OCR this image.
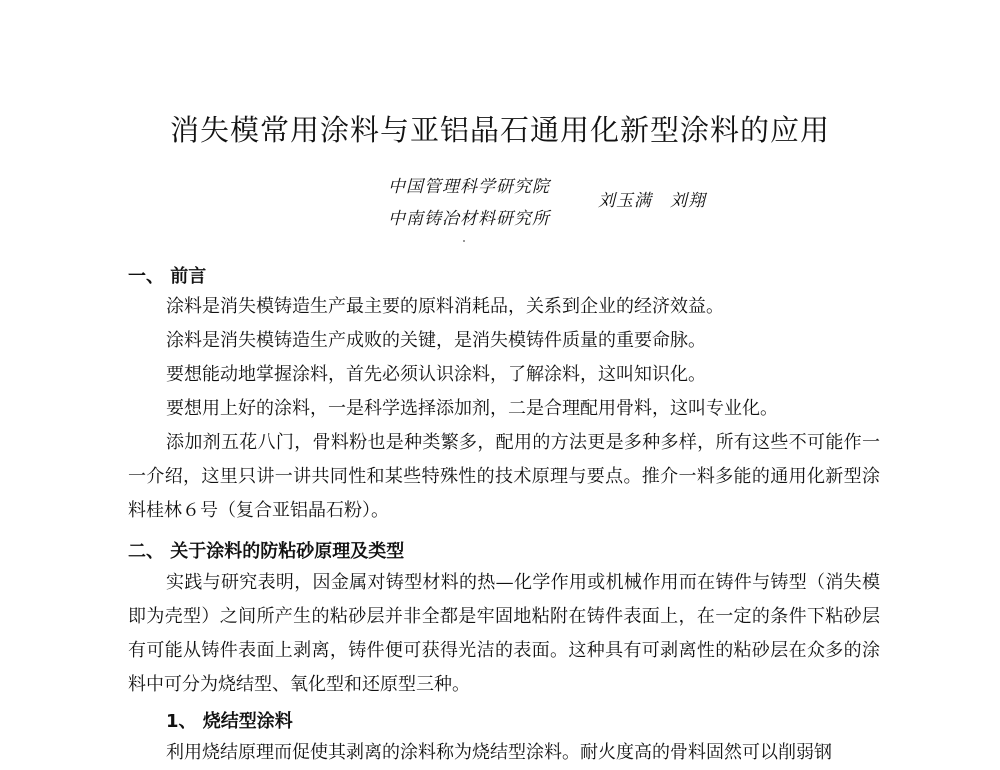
消失模常用涂料与亚铝晶石通用化新型涂料的应用
中国管理科学研究院
中南铸冶材料研究所
刘玉满　刘翔
一、 前言
涂料是消失模铸造生产最主要的原料消耗品，关系到企业的经济效益。
涂料是消失模铸造生产成败的关键，是消失模铸件质量的重要命脉。
要想能动地掌握涂料，首先必须认识涂料，了解涂料，这叫知识化。
要想用上好的涂料，一是科学选择添加剂，二是合理配用骨料，这叫专业化。
添加剂五花八门，骨料粉也是种类繁多，配用的方法更是多种多样，所有这些不可能作一一介绍，这里只讲一讲共同性和某些特殊性的技术原理与要点。推介一料多能的通用化新型涂料桂林６号（复合亚铝晶石粉）。
二、 关于涂料的防粘砂原理及类型
实践与研究表明，因金属对铸型材料的热—化学作用或机械作用而在铸件与铸型（消失模即为壳型）之间所产生的粘砂层并非全都是牢固地粘附在铸件表面上，在一定的条件下粘砂层有可能从铸件表面上剥离，铸件便可获得光洁的表面。这种具有可剥离性的粘砂层在众多的涂料中可分为烧结型、氧化型和还原型三种。
1、 烧结型涂料
利用烧结原理而促使其剥离的涂料称为烧结型涂料。耐火度高的骨料固然可以削弱钢
